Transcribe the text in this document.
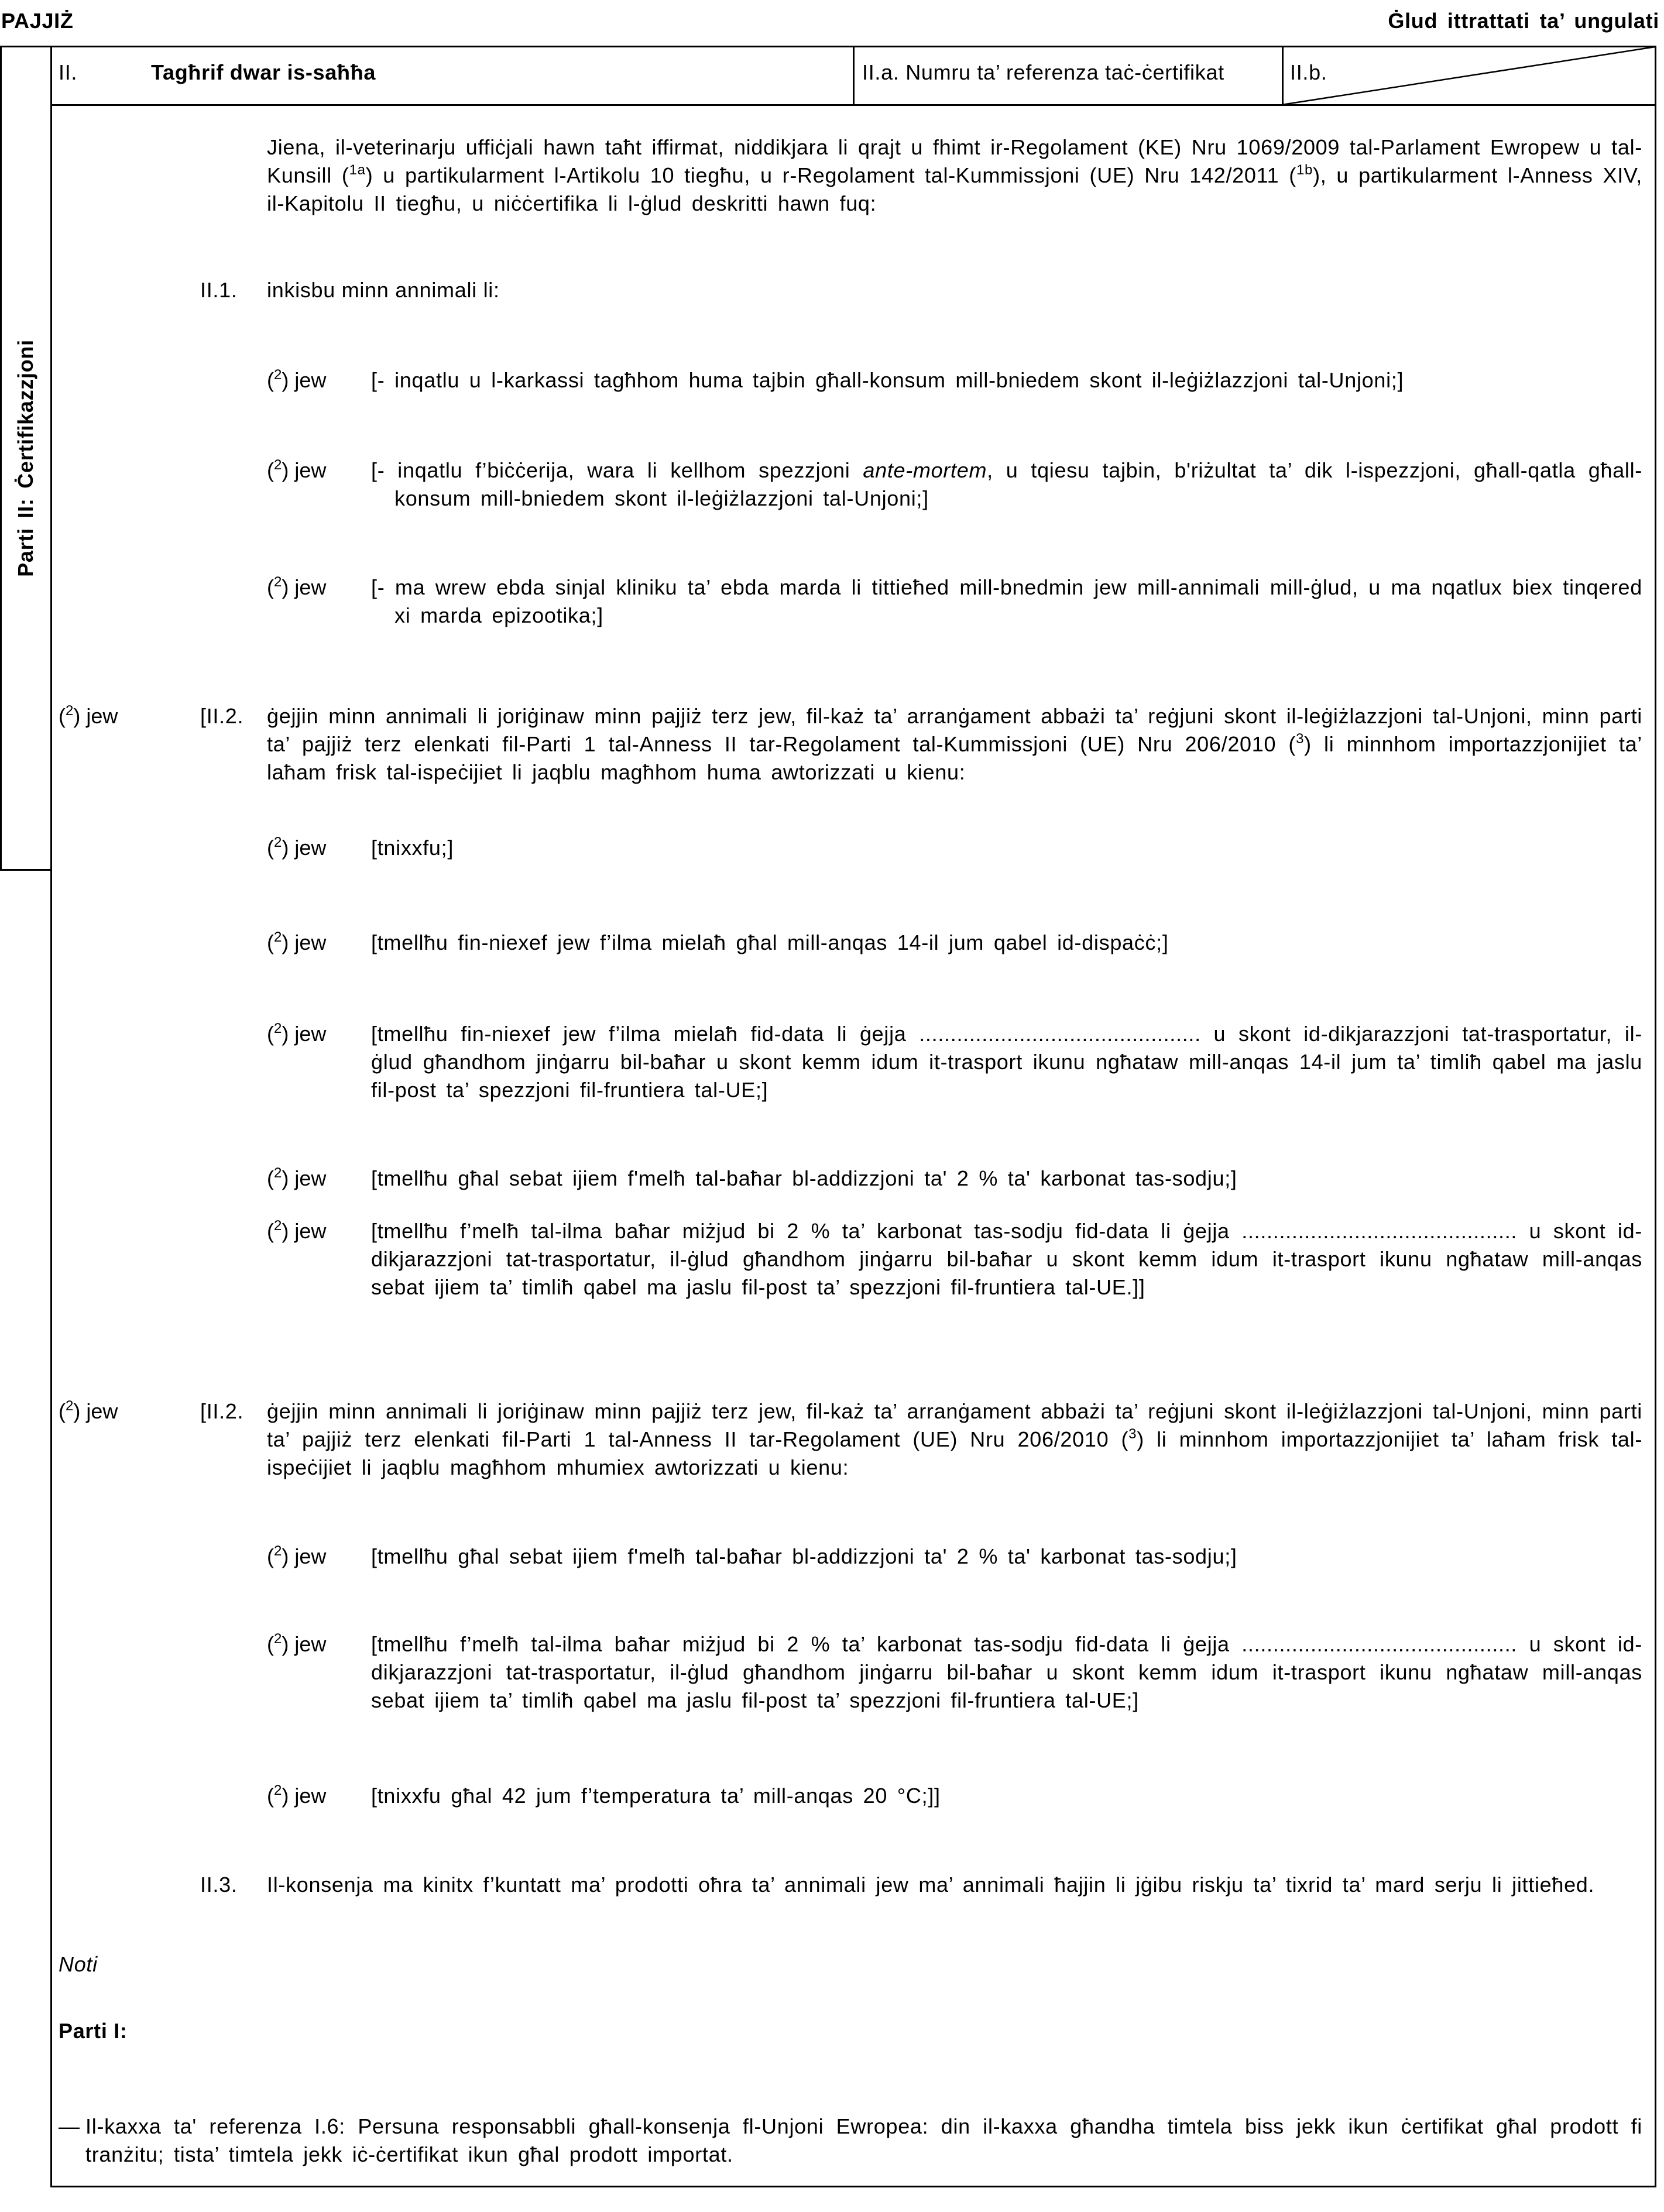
PAJJIŻ	Ġlud ittrattati ta’ ungulati
Parti II: Ċertifikazzjoni
II.	Tagħrif dwar is-saħħa	II.a. Numru ta’ referenza taċ-ċertifikat	II.b.
Jiena, il-veterinarju uffiċjali hawn taħt iffirmat, niddikjara li qrajt u fhimt ir-Regolament (KE) Nru 1069/2009 tal-Parlament Ewropew u tal-Kunsill ($^{1a}$) u partikularment l-Artikolu 10 tiegħu, u r-Regolament tal-Kummissjoni (UE) Nru 142/2011 ($^{1b}$), u partikularment l-Anness XIV, il-Kapitolu II tiegħu, u niċċertifika li l-ġlud deskritti hawn fuq:
II.1. inkisbu minn annimali li:
($^2$) jew [- inqatlu u l-karkassi tagħhom huma tajbin għall-konsum mill-bniedem skont il-leġiżlazzjoni tal-Unjoni;]
($^2$) jew [- inqatlu f’biċċerija, wara li kellhom spezzjoni ante-mortem, u tqiesu tajbin, b'riżultat ta’ dik l-ispezzjoni, għall-qatla għall-konsum mill-bniedem skont il-leġiżlazzjoni tal-Unjoni;]
($^2$) jew [- ma wrew ebda sinjal kliniku ta’ ebda marda li tittieħed mill-bnedmin jew mill-annimali mill-ġlud, u ma nqatlux biex tinqered xi marda epizootika;]
($^2$) jew	[II.2. ġejjin minn annimali li joriġinaw minn pajjiż terz jew, fil-każ ta’ arranġament abbażi ta’ reġjuni skont il-leġiżlazzjoni tal-Unjoni, minn parti ta’ pajjiż terz elenkati fil-Parti 1 tal-Anness II tar-Regolament tal-Kummissjoni (UE) Nru 206/2010 ($^3$) li minnhom importazzjonijiet ta’ laħam frisk tal-ispeċijiet li jaqblu magħhom huma awtorizzati u kienu:
($^2$) jew [tnixxfu;]
($^2$) jew [tmellħu fin-niexef jew f’ilma mielaħ għal mill-anqas 14-il jum qabel id-dispaċċ;]
($^2$) jew [tmellħu fin-niexef jew f’ilma mielaħ fid-data li ġejja ............................................. u skont id-dikjarazzjoni tat-trasportatur, il-ġlud għandhom jinġarru bil-baħar u skont kemm idum it-trasport ikunu ngħataw mill-anqas 14-il jum ta’ timliħ qabel ma jaslu fil-post ta’ spezzjoni fil-fruntiera tal-UE;]
($^2$) jew [tmellħu għal sebat ijiem f'melħ tal-baħar bl-addizzjoni ta' 2 % ta' karbonat tas-sodju;]
($^2$) jew [tmellħu f’melħ tal-ilma baħar miżjud bi 2 % ta’ karbonat tas-sodju fid-data li ġejja ............................................ u skont id-dikjarazzjoni tat-trasportatur, il-ġlud għandhom jinġarru bil-baħar u skont kemm idum it-trasport ikunu ngħataw mill-anqas sebat ijiem ta’ timliħ qabel ma jaslu fil-post ta’ spezzjoni fil-fruntiera tal-UE.]]
($^2$) jew	[II.2. ġejjin minn annimali li joriġinaw minn pajjiż terz jew, fil-każ ta’ arranġament abbażi ta’ reġjuni skont il-leġiżlazzjoni tal-Unjoni, minn parti ta’ pajjiż terz elenkati fil-Parti 1 tal-Anness II tar-Regolament (UE) Nru 206/2010 ($^3$) li minnhom importazzjonijiet ta’ laħam frisk tal-ispeċijiet li jaqblu magħhom mhumiex awtorizzati u kienu:
($^2$) jew [tmellħu għal sebat ijiem f'melħ tal-baħar bl-addizzjoni ta' 2 % ta' karbonat tas-sodju;]
($^2$) jew [tmellħu f’melħ tal-ilma baħar miżjud bi 2 % ta’ karbonat tas-sodju fid-data li ġejja ............................................ u skont id-dikjarazzjoni tat-trasportatur, il-ġlud għandhom jinġarru bil-baħar u skont kemm idum it-trasport ikunu ngħataw mill-anqas sebat ijiem ta’ timliħ qabel ma jaslu fil-post ta’ spezzjoni fil-fruntiera tal-UE;]
($^2$) jew [tnixxfu għal 42 jum f’temperatura ta’ mill-anqas 20 °C;]]
II.3. Il-konsenja ma kinitx f’kuntatt ma’ prodotti oħra ta’ annimali jew ma’ annimali ħajjin li jġibu riskju ta’ tixrid ta’ mard serju li jittieħed.
Noti
Parti I:
— Il-kaxxa ta' referenza I.6: Persuna responsabbli għall-konsenja fl-Unjoni Ewropea: din il-kaxxa għandha timtela biss jekk ikun ċertifikat għal prodott fi tranżitu; tista’ timtela jekk iċ-ċertifikat ikun għal prodott importat.
